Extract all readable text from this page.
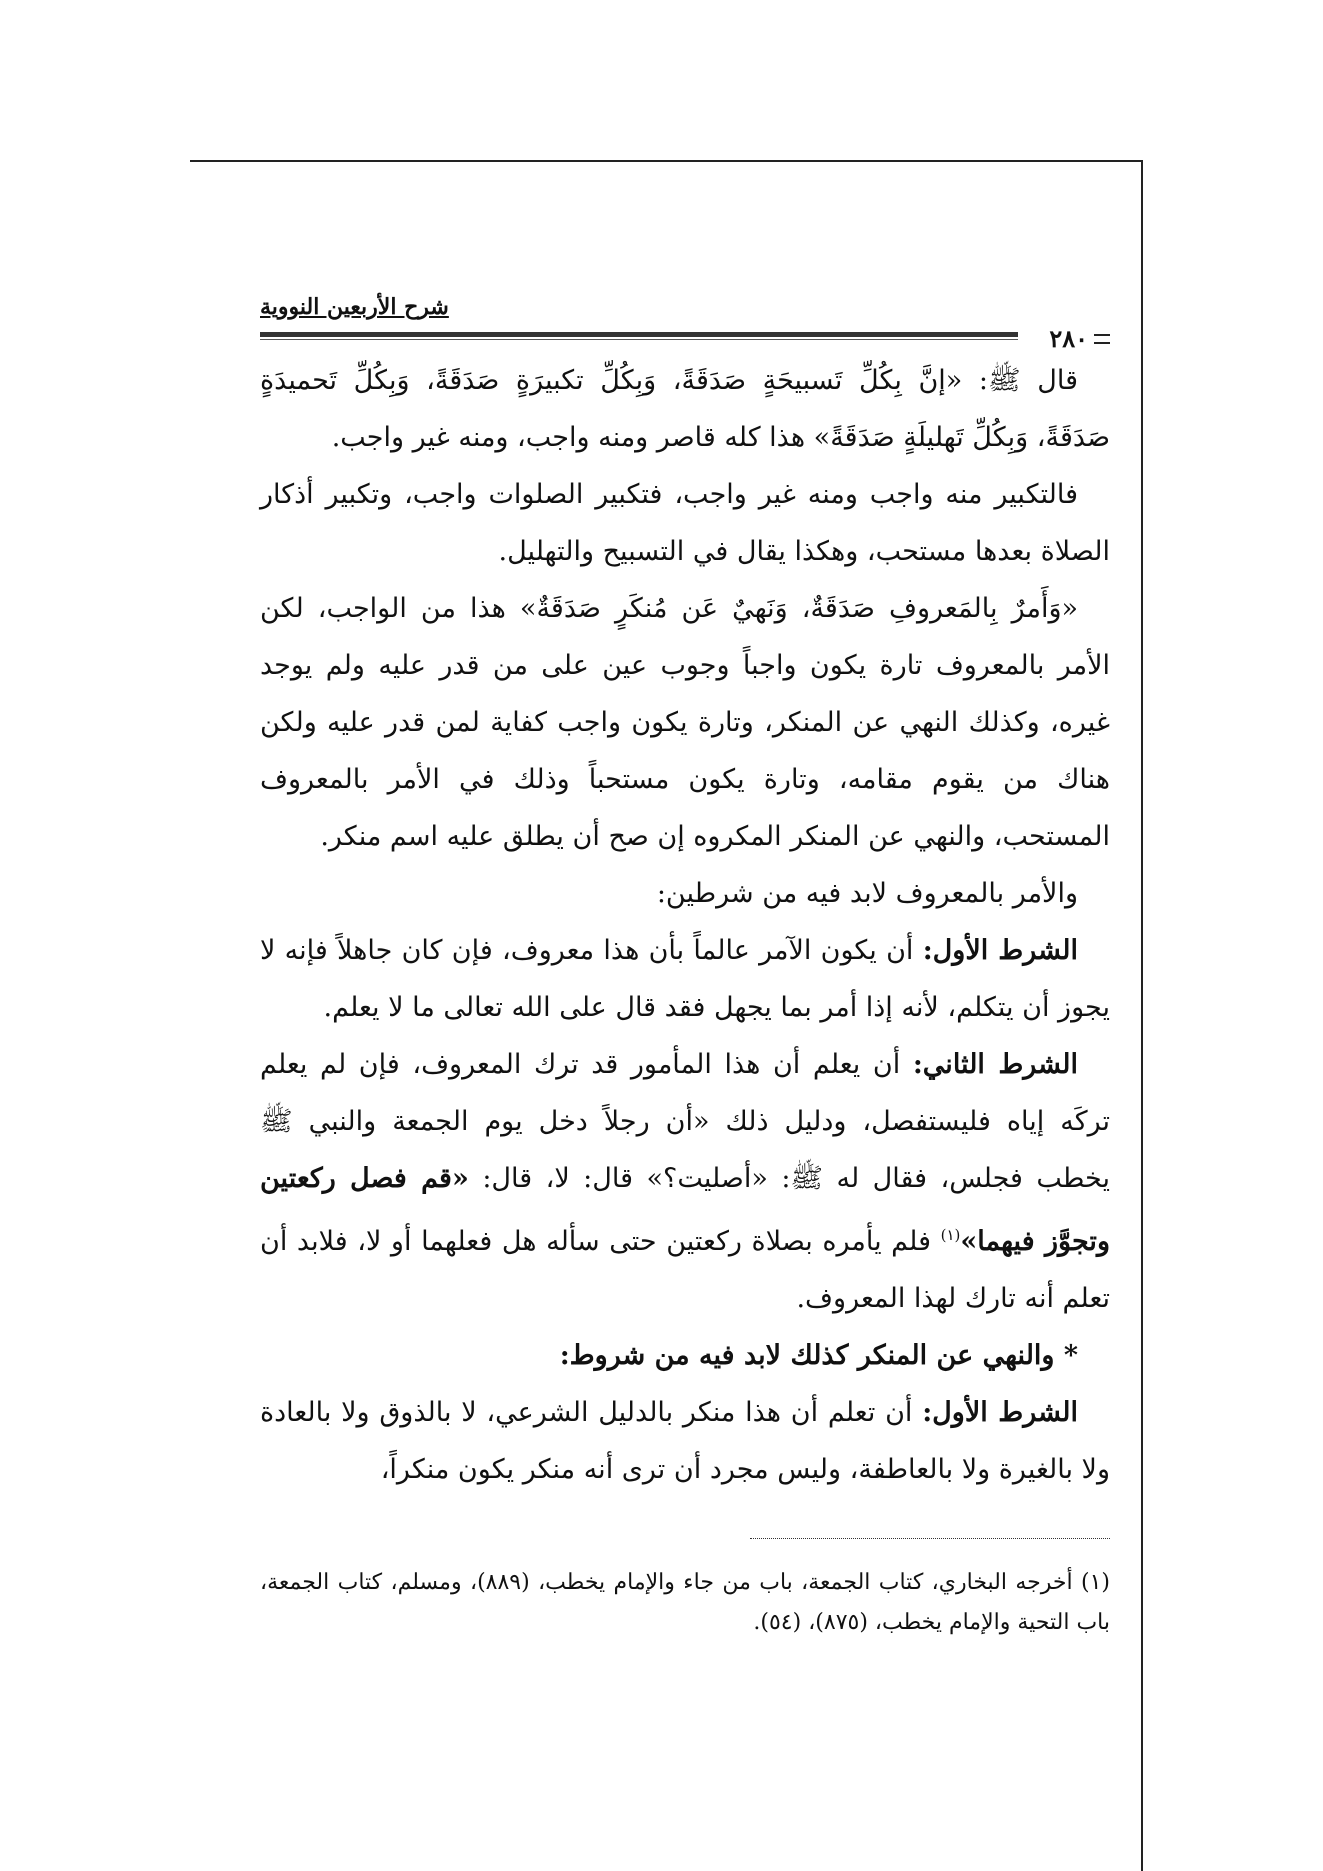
شرح الأربعين النووية
٢٨٠

قال ﷺ: «إنَّ بِكُلِّ تَسبيحَةٍ صَدَقَةً، وَبِكُلِّ تكبيرَةٍ صَدَقَةً، وَبِكُلِّ تَحميدَةٍ صَدَقَةً، وَبِكُلِّ تَهليلَةٍ صَدَقَةً» هذا كله قاصر ومنه واجب، ومنه غير واجب.

فالتكبير منه واجب ومنه غير واجب، فتكبير الصلوات واجب، وتكبير أذكار الصلاة بعدها مستحب، وهكذا يقال في التسبيح والتهليل.

«وَأَمرٌ بِالمَعروفِ صَدَقَةٌ، وَنَهيٌ عَن مُنكَرٍ صَدَقَةٌ» هذا من الواجب، لكن الأمر بالمعروف تارة يكون واجباً وجوب عين على من قدر عليه ولم يوجد غيره، وكذلك النهي عن المنكر، وتارة يكون واجب كفاية لمن قدر عليه ولكن هناك من يقوم مقامه، وتارة يكون مستحباً وذلك في الأمر بالمعروف المستحب، والنهي عن المنكر المكروه إن صح أن يطلق عليه اسم منكر.

والأمر بالمعروف لابد فيه من شرطين:

الشرط الأول: أن يكون الآمر عالماً بأن هذا معروف، فإن كان جاهلاً فإنه لا يجوز أن يتكلم، لأنه إذا أمر بما يجهل فقد قال على الله تعالى ما لا يعلم.

الشرط الثاني: أن يعلم أن هذا المأمور قد ترك المعروف، فإن لم يعلم تركَه إياه فليستفصل، ودليل ذلك «أن رجلاً دخل يوم الجمعة والنبي ﷺ يخطب فجلس، فقال له ﷺ: «أصليت؟» قال: لا، قال: «قم فصل ركعتين وتجوَّز فيهما»$^{(١)}$ فلم يأمره بصلاة ركعتين حتى سأله هل فعلهما أو لا، فلابد أن تعلم أنه تارك لهذا المعروف.

* والنهي عن المنكر كذلك لابد فيه من شروط:

الشرط الأول: أن تعلم أن هذا منكر بالدليل الشرعي، لا بالذوق ولا بالعادة ولا بالغيرة ولا بالعاطفة، وليس مجرد أن ترى أنه منكر يكون منكراً،

(١) أخرجه البخاري، كتاب الجمعة، باب من جاء والإمام يخطب، (٨٨٩)، ومسلم، كتاب الجمعة، باب التحية والإمام يخطب، (٨٧٥)، (٥٤).
